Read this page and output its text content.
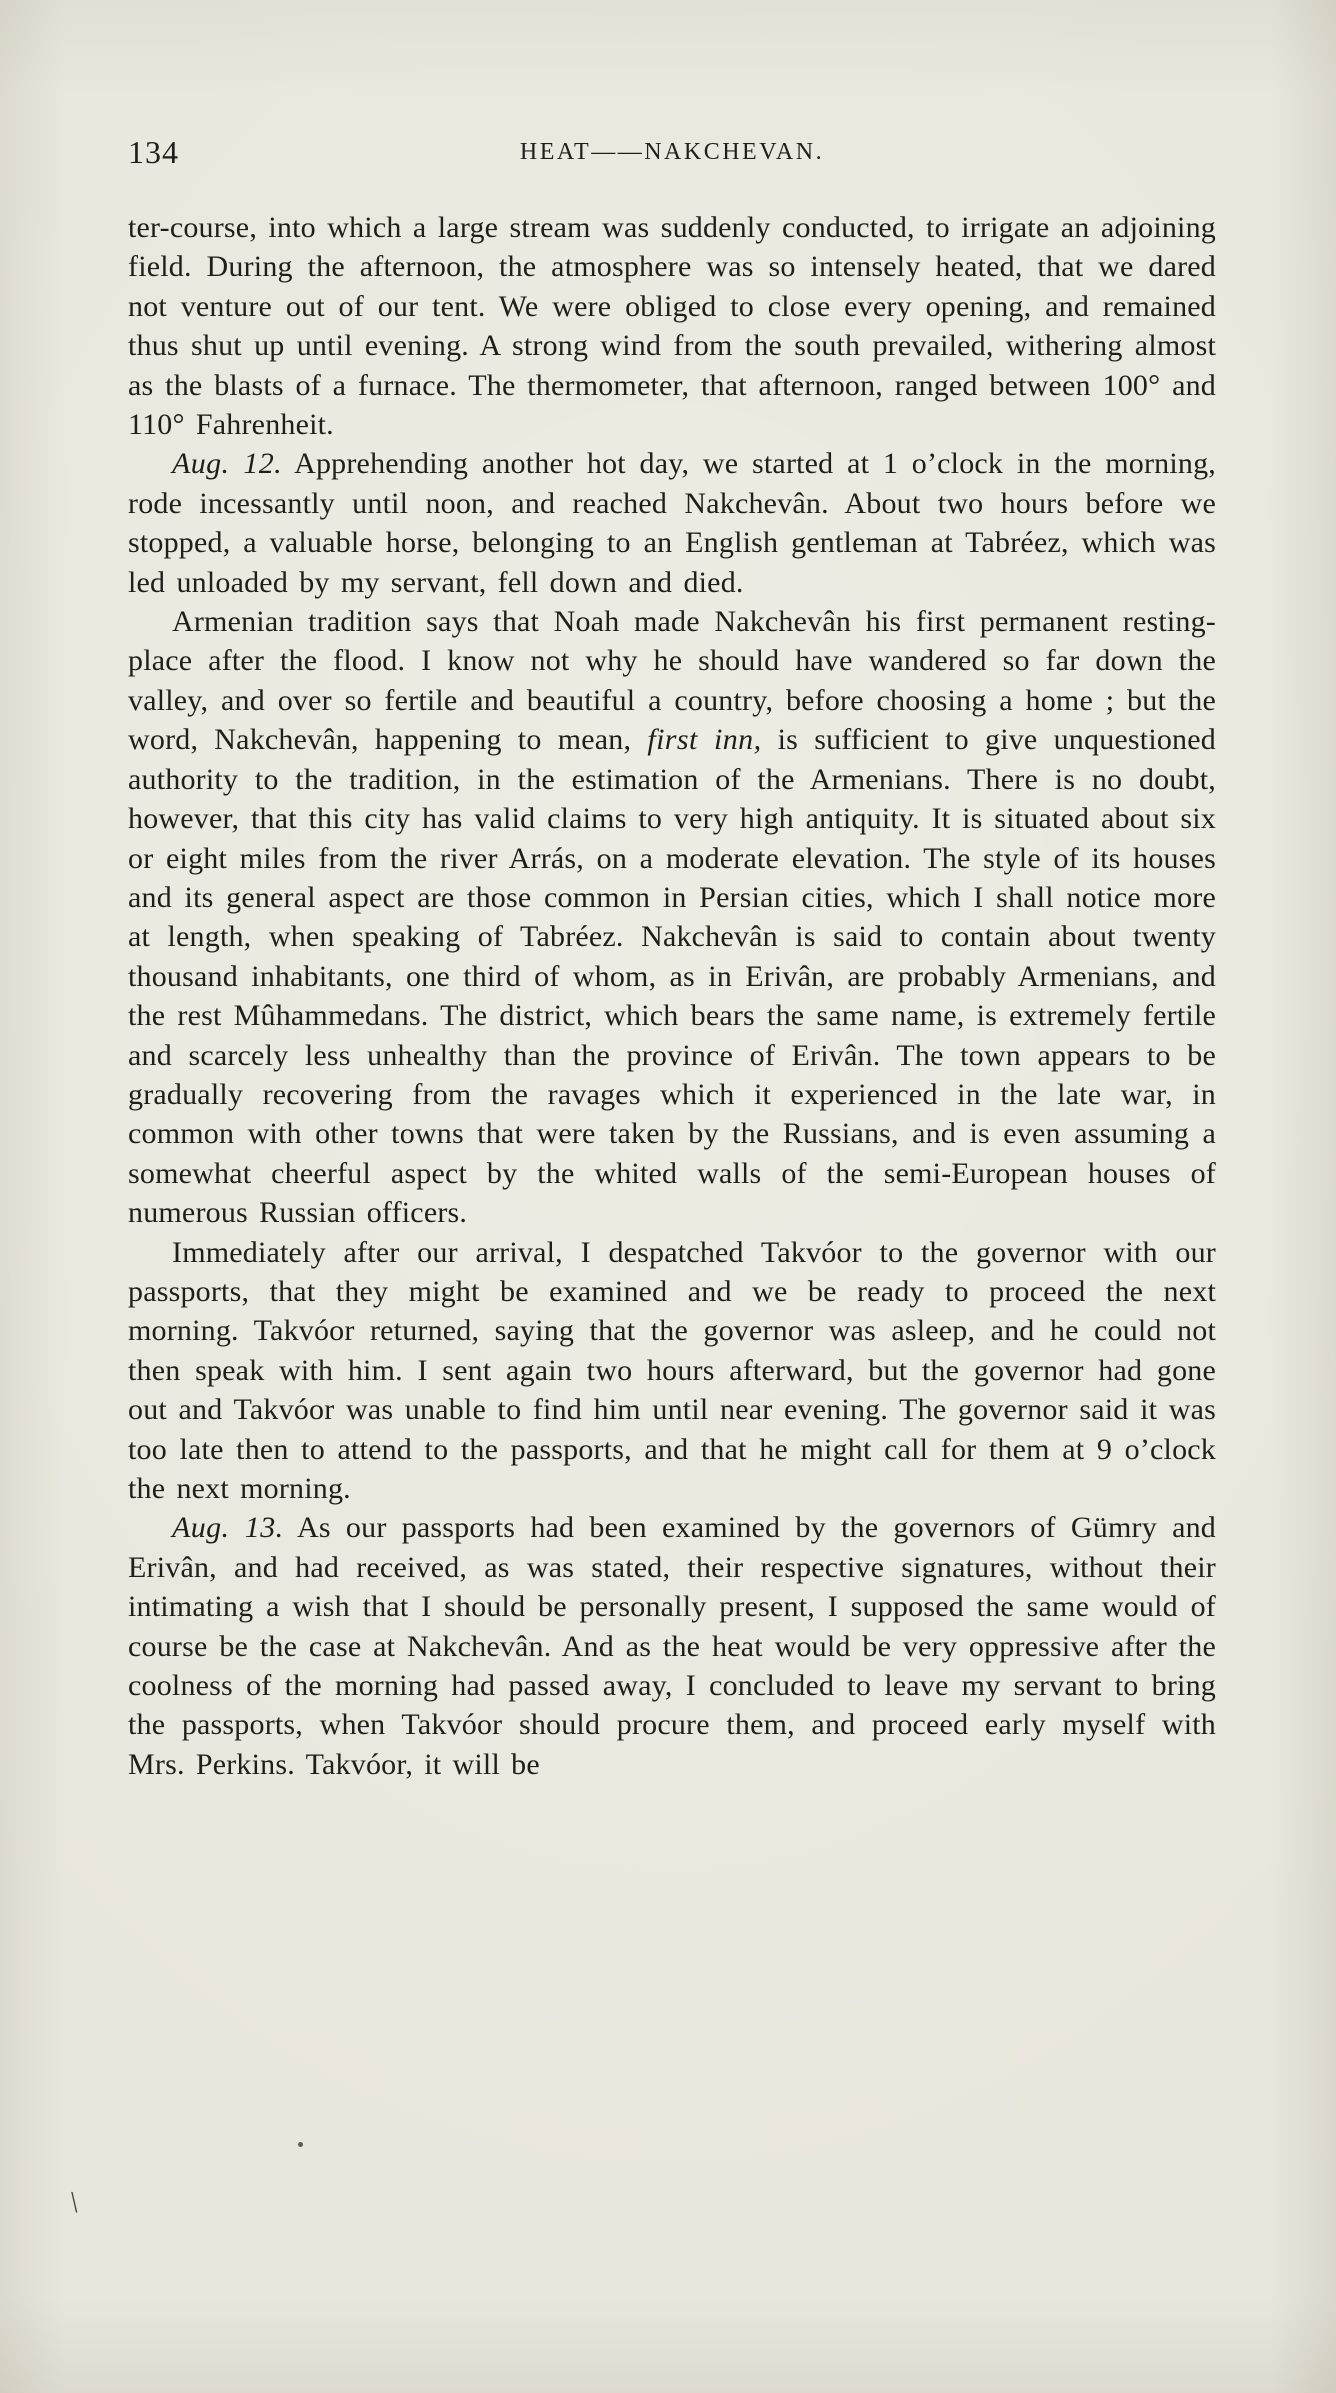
134	HEAT——NAKCHEVAN.

ter-course, into which a large stream was suddenly conducted, to irrigate an adjoining field. During the afternoon, the atmosphere was so intensely heated, that we dared not venture out of our tent. We were obliged to close every opening, and remained thus shut up until evening. A strong wind from the south prevailed, withering almost as the blasts of a furnace. The thermometer, that afternoon, ranged between 100° and 110° Fahrenheit.

Aug. 12. Apprehending another hot day, we started at 1 o’clock in the morning, rode incessantly until noon, and reached Nakchevân. About two hours before we stopped, a valuable horse, belonging to an English gentleman at Tabréez, which was led unloaded by my servant, fell down and died.

Armenian tradition says that Noah made Nakchevân his first permanent resting-place after the flood. I know not why he should have wandered so far down the valley, and over so fertile and beautiful a country, before choosing a home ; but the word, Nakchevân, happening to mean, first inn, is sufficient to give unquestioned authority to the tradition, in the estimation of the Armenians. There is no doubt, however, that this city has valid claims to very high antiquity. It is situated about six or eight miles from the river Arrás, on a moderate elevation. The style of its houses and its general aspect are those common in Persian cities, which I shall notice more at length, when speaking of Tabréez. Nakchevân is said to contain about twenty thousand inhabitants, one third of whom, as in Erivân, are probably Armenians, and the rest Mûhammedans. The district, which bears the same name, is extremely fertile and scarcely less unhealthy than the province of Erivân. The town appears to be gradually recovering from the ravages which it experienced in the late war, in common with other towns that were taken by the Russians, and is even assuming a somewhat cheerful aspect by the whited walls of the semi-European houses of numerous Russian officers.

Immediately after our arrival, I despatched Takvóor to the governor with our passports, that they might be examined and we be ready to proceed the next morning. Takvóor returned, saying that the governor was asleep, and he could not then speak with him. I sent again two hours afterward, but the governor had gone out and Takvóor was unable to find him until near evening. The governor said it was too late then to attend to the passports, and that he might call for them at 9 o’clock the next morning.

Aug. 13. As our passports had been examined by the governors of Gümry and Erivân, and had received, as was stated, their respective signatures, without their intimating a wish that I should be personally present, I supposed the same would of course be the case at Nakchevân. And as the heat would be very oppressive after the coolness of the morning had passed away, I concluded to leave my servant to bring the passports, when Takvóor should procure them, and proceed early myself with Mrs. Perkins. Takvóor, it will be

\
